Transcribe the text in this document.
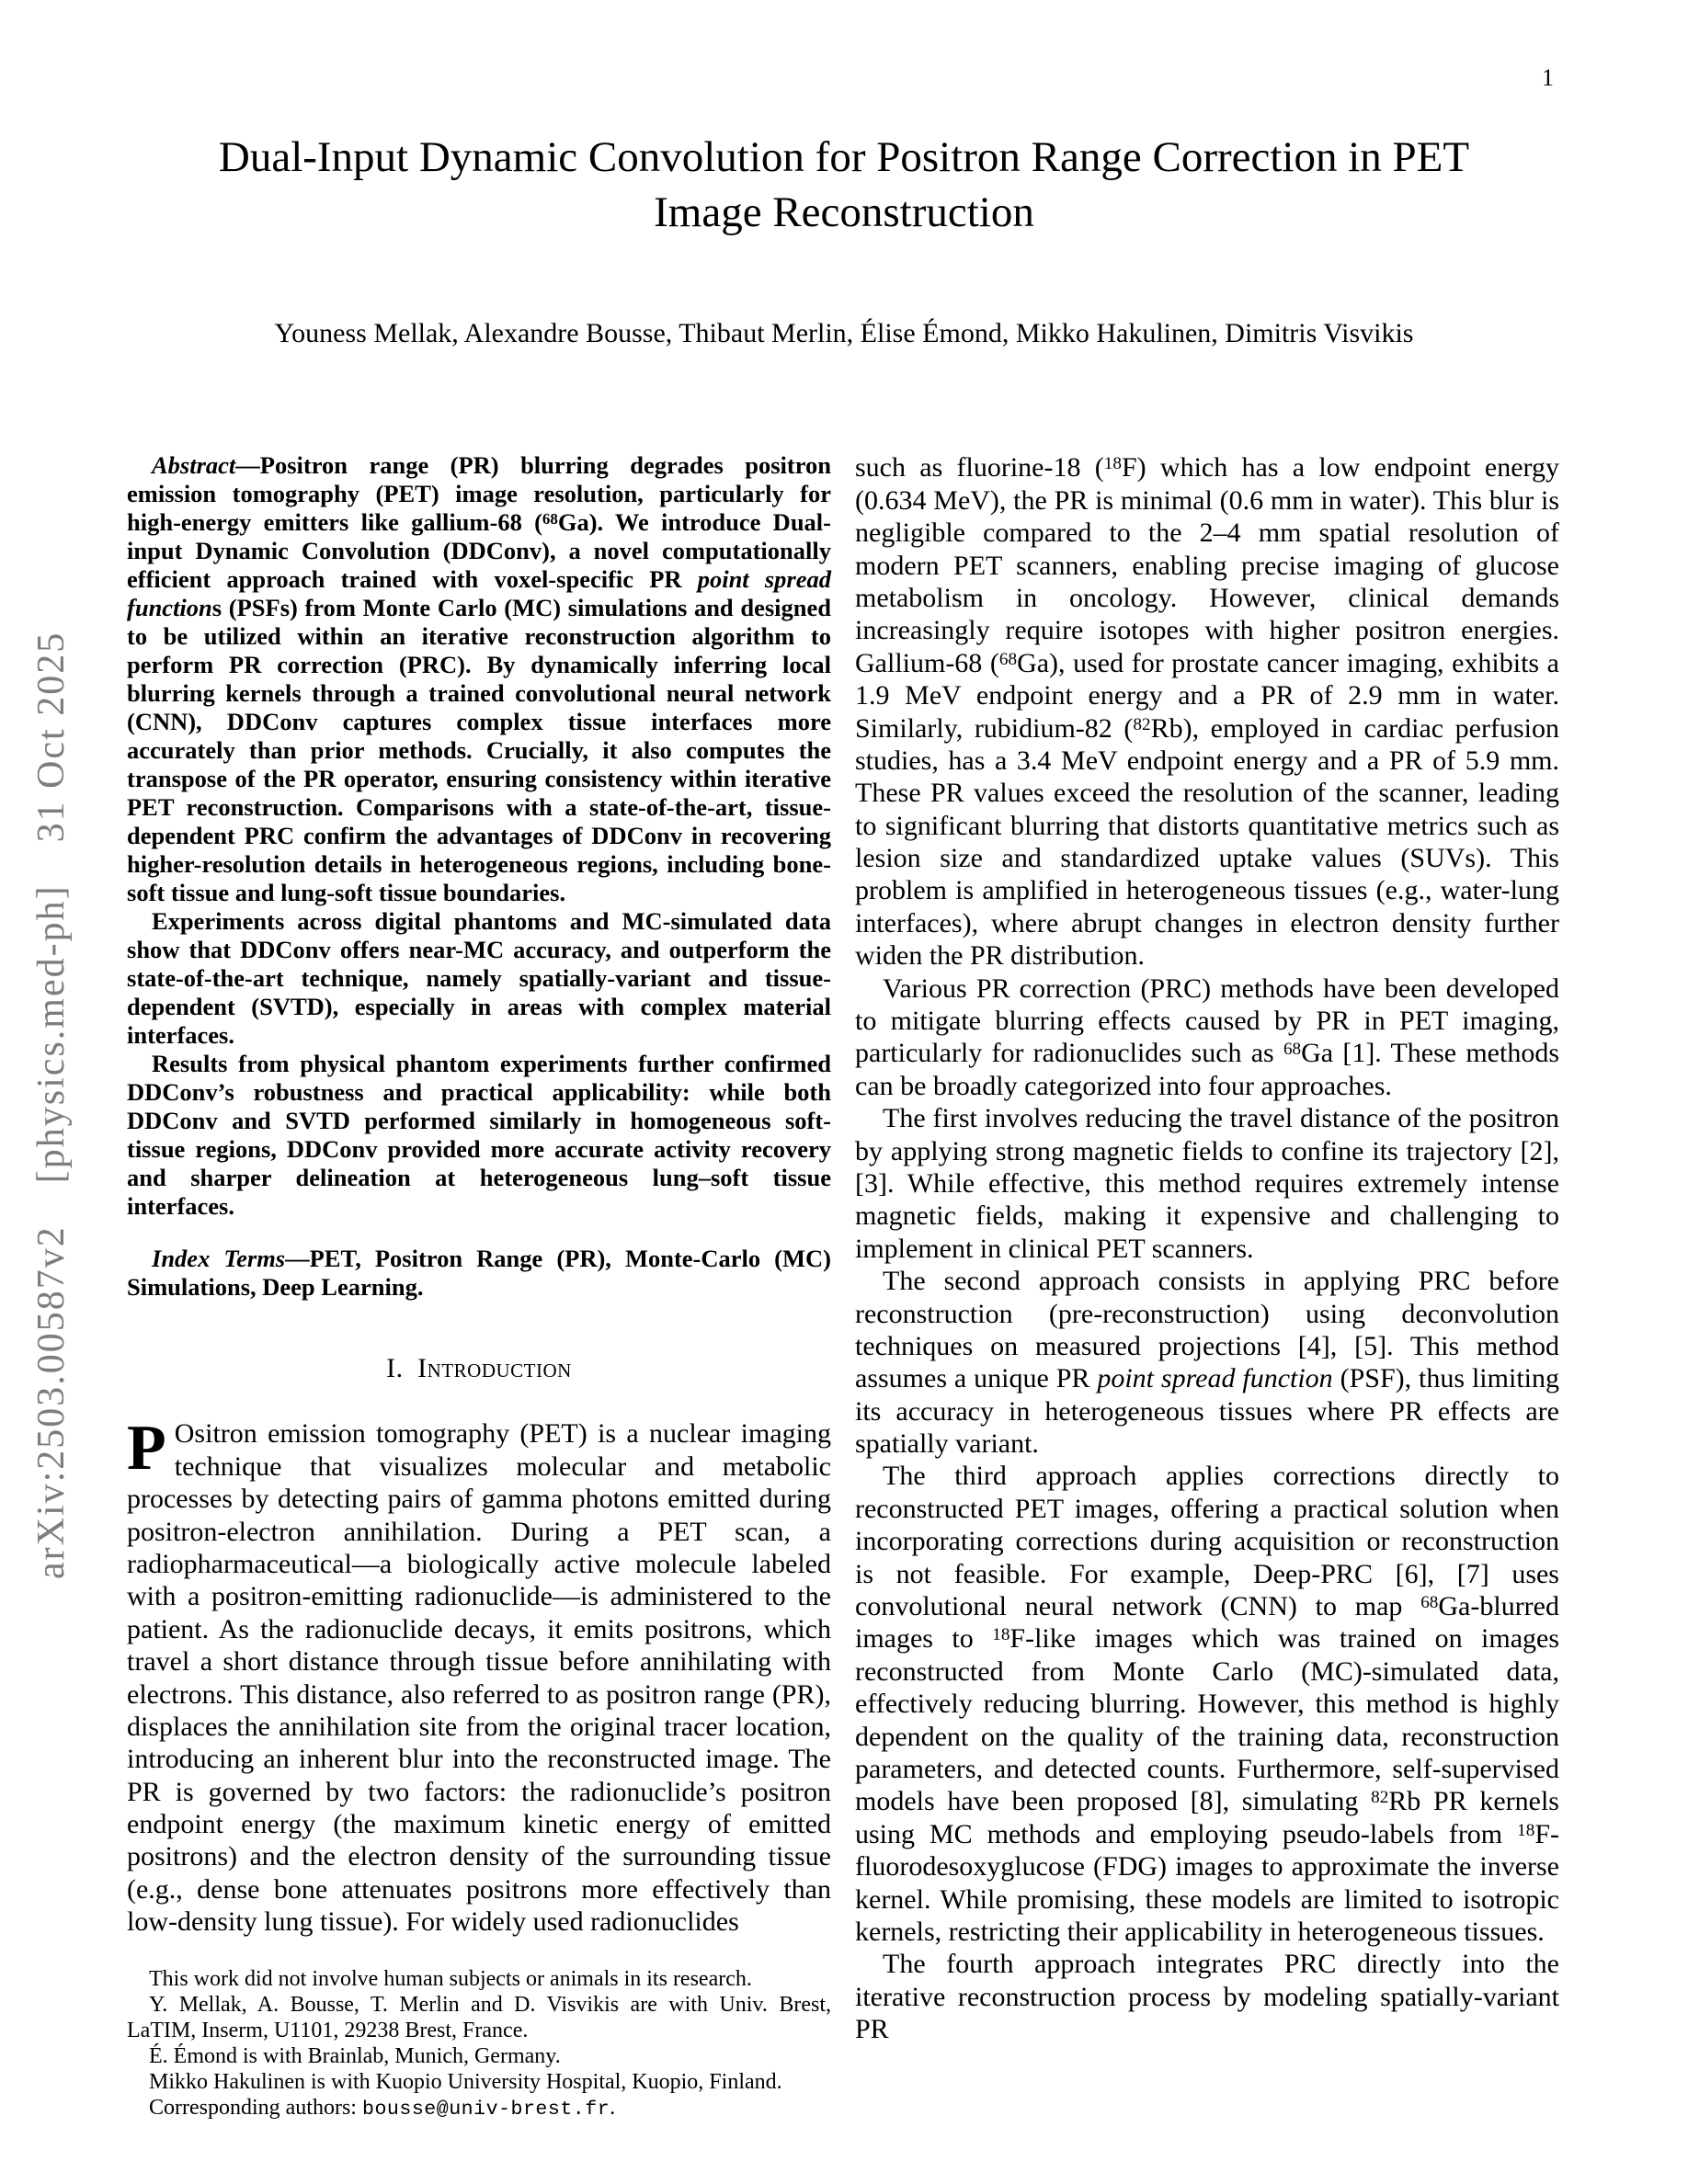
1
arXiv:2503.00587v2  [physics.med-ph]  31 Oct 2025
Dual-Input Dynamic Convolution for Positron Range Correction in PET Image Reconstruction
Youness Mellak, Alexandre Bousse, Thibaut Merlin, Élise Émond, Mikko Hakulinen, Dimitris Visvikis

Abstract—Positron range (PR) blurring degrades positron emission tomography (PET) image resolution, particularly for high-energy emitters like gallium-68 ($^{68}$Ga). We introduce Dual-input Dynamic Convolution (DDConv), a novel computationally efficient approach trained with voxel-specific PR point spread functions (PSFs) from Monte Carlo (MC) simulations and designed to be utilized within an iterative reconstruction algorithm to perform PR correction (PRC). By dynamically inferring local blurring kernels through a trained convolutional neural network (CNN), DDConv captures complex tissue interfaces more accurately than prior methods. Crucially, it also computes the transpose of the PR operator, ensuring consistency within iterative PET reconstruction. Comparisons with a state-of-the-art, tissue-dependent PRC confirm the advantages of DDConv in recovering higher-resolution details in heterogeneous regions, including bone-soft tissue and lung-soft tissue boundaries.

Experiments across digital phantoms and MC-simulated data show that DDConv offers near-MC accuracy, and outperform the state-of-the-art technique, namely spatially-variant and tissue-dependent (SVTD), especially in areas with complex material interfaces.

Results from physical phantom experiments further confirmed DDConv’s robustness and practical applicability: while both DDConv and SVTD performed similarly in homogeneous soft-tissue regions, DDConv provided more accurate activity recovery and sharper delineation at heterogeneous lung–soft tissue interfaces.

Index Terms—PET, Positron Range (PR), Monte-Carlo (MC) Simulations, Deep Learning.

I. Introduction

P Ositron emission tomography (PET) is a nuclear imaging technique that visualizes molecular and metabolic processes by detecting pairs of gamma photons emitted during positron-electron annihilation. During a PET scan, a radiopharmaceutical—a biologically active molecule labeled with a positron-emitting radionuclide—is administered to the patient. As the radionuclide decays, it emits positrons, which travel a short distance through tissue before annihilating with electrons. This distance, also referred to as positron range (PR), displaces the annihilation site from the original tracer location, introducing an inherent blur into the reconstructed image. The PR is governed by two factors: the radionuclide’s positron endpoint energy (the maximum kinetic energy of emitted positrons) and the electron density of the surrounding tissue (e.g., dense bone attenuates positrons more effectively than low-density lung tissue). For widely used radionuclides

This work did not involve human subjects or animals in its research.

Y. Mellak, A. Bousse, T. Merlin and D. Visvikis are with Univ. Brest, LaTIM, Inserm, U1101, 29238 Brest, France.

É. Émond is with Brainlab, Munich, Germany.

Mikko Hakulinen is with Kuopio University Hospital, Kuopio, Finland.

Corresponding authors: bousse@univ-brest.fr.

such as fluorine-18 ($^{18}$F) which has a low endpoint energy (0.634 MeV), the PR is minimal (0.6 mm in water). This blur is negligible compared to the 2–4 mm spatial resolution of modern PET scanners, enabling precise imaging of glucose metabolism in oncology. However, clinical demands increasingly require isotopes with higher positron energies. Gallium-68 ($^{68}$Ga), used for prostate cancer imaging, exhibits a 1.9 MeV endpoint energy and a PR of 2.9 mm in water. Similarly, rubidium-82 ($^{82}$Rb), employed in cardiac perfusion studies, has a 3.4 MeV endpoint energy and a PR of 5.9 mm. These PR values exceed the resolution of the scanner, leading to significant blurring that distorts quantitative metrics such as lesion size and standardized uptake values (SUVs). This problem is amplified in heterogeneous tissues (e.g., water-lung interfaces), where abrupt changes in electron density further widen the PR distribution.

Various PR correction (PRC) methods have been developed to mitigate blurring effects caused by PR in PET imaging, particularly for radionuclides such as $^{68}$Ga [1]. These methods can be broadly categorized into four approaches.

The first involves reducing the travel distance of the positron by applying strong magnetic fields to confine its trajectory [2], [3]. While effective, this method requires extremely intense magnetic fields, making it expensive and challenging to implement in clinical PET scanners.

The second approach consists in applying PRC before reconstruction (pre-reconstruction) using deconvolution techniques on measured projections [4], [5]. This method assumes a unique PR point spread function (PSF), thus limiting its accuracy in heterogeneous tissues where PR effects are spatially variant.

The third approach applies corrections directly to reconstructed PET images, offering a practical solution when incorporating corrections during acquisition or reconstruction is not feasible. For example, Deep-PRC [6], [7] uses convolutional neural network (CNN) to map $^{68}$Ga-blurred images to $^{18}$F-like images which was trained on images reconstructed from Monte Carlo (MC)-simulated data, effectively reducing blurring. However, this method is highly dependent on the quality of the training data, reconstruction parameters, and detected counts. Furthermore, self-supervised models have been proposed [8], simulating $^{82}$Rb PR kernels using MC methods and employing pseudo-labels from $^{18}$F-fluorodesoxyglucose (FDG) images to approximate the inverse kernel. While promising, these models are limited to isotropic kernels, restricting their applicability in heterogeneous tissues.

The fourth approach integrates PRC directly into the iterative reconstruction process by modeling spatially-variant PR
